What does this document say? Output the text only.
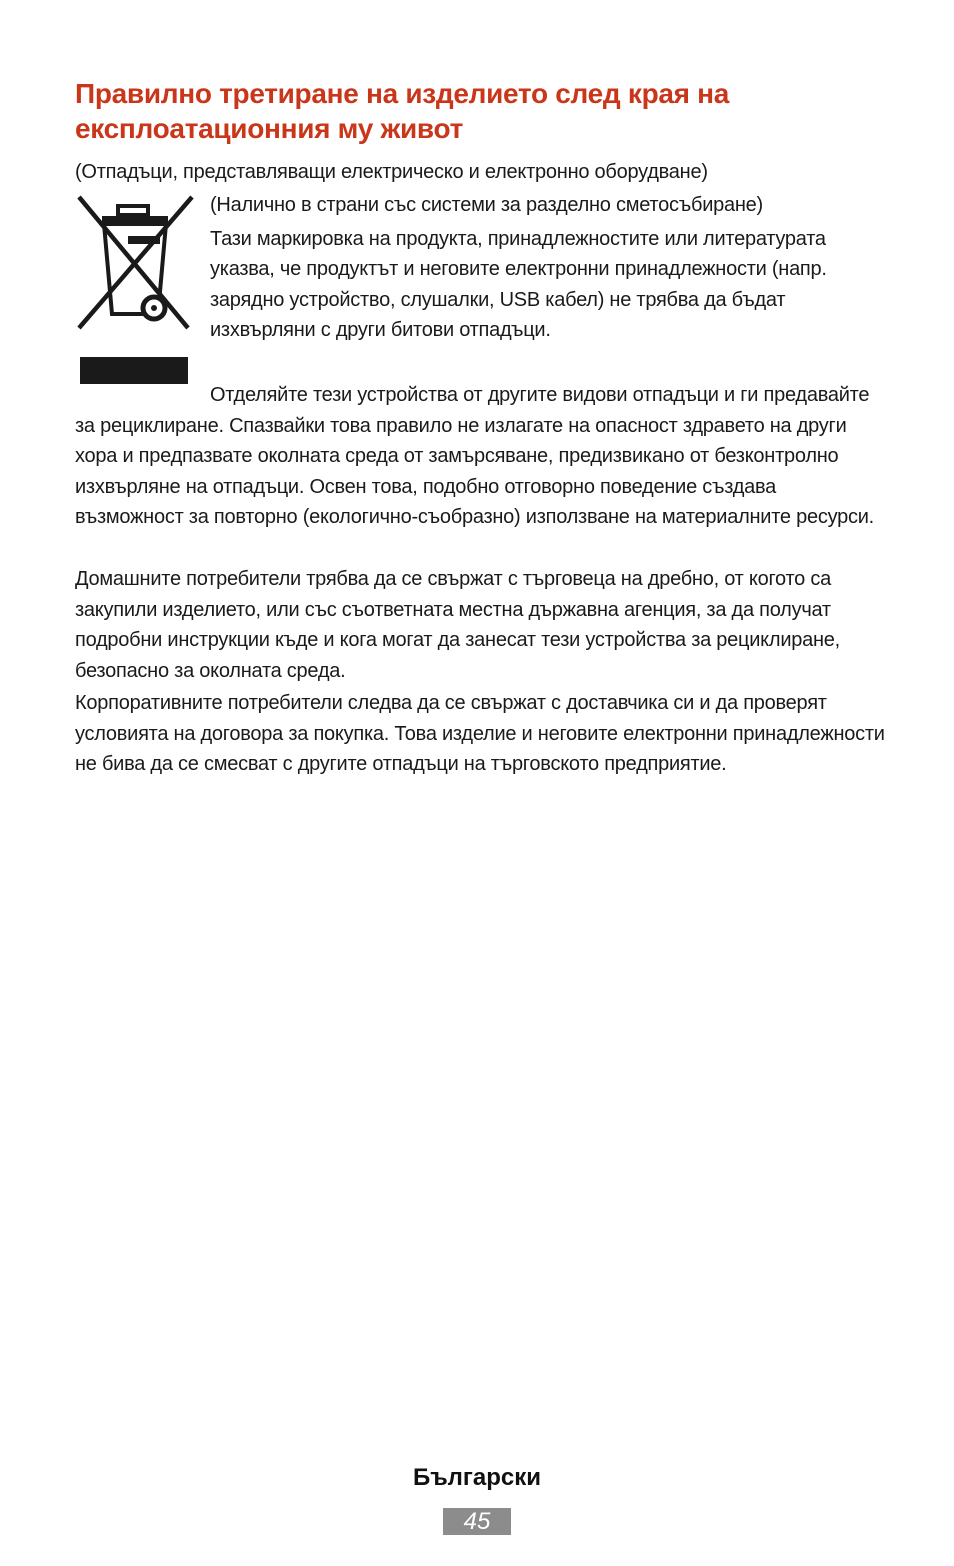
Правилно третиране на изделието след края на експлоатационния му живот

(Отпадъци, представляващи електрическо и електронно оборудване)

(Налично в страни със системи за разделно сметосъбиране)

Тази маркировка на продукта, принадлежностите или литературата указва, че продуктът и неговите електронни принадлежности (напр. зарядно устройство, слушалки, USB кабел) не трябва да бъдат изхвърляни с други битови отпадъци.

Отделяйте тези устройства от другите видови отпадъци и ги предавайте за рециклиране. Спазвайки това правило не излагате на опасност здравето на други хора и предпазвате околната среда от замърсяване, предизвикано от безконтролно изхвърляне на отпадъци. Освен това, подобно отговорно поведение създава възможност за повторно (екологично-съобразно) използване на материалните ресурси.

Домашните потребители трябва да се свържат с търговеца на дребно, от когото са закупили изделието, или със съответната местна държавна агенция, за да получат подробни инструкции къде и кога могат да занесат тези устройства за рециклиране, безопасно за околната среда.

Корпоративните потребители следва да се свържат с доставчика си и да проверят условията на договора за покупка. Това изделие и неговите електронни принадлежности не бива да се смесват с другите отпадъци на търговското предприятие.

Български
45
